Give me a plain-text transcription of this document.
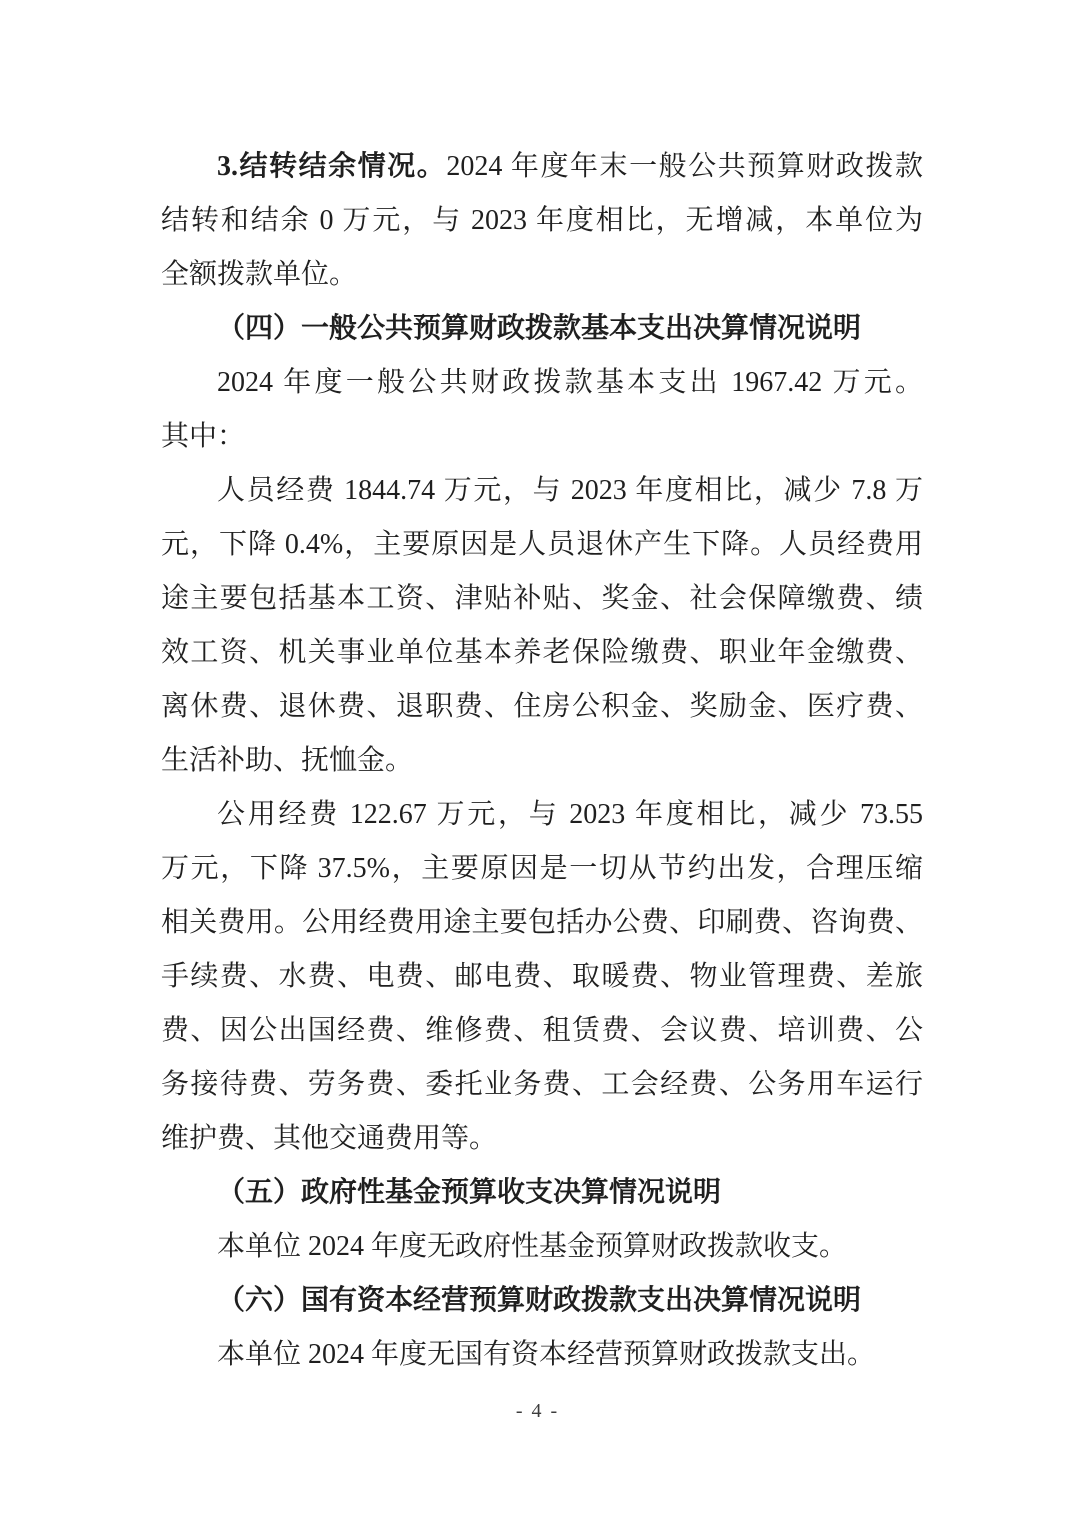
3.结转结余情况。2024 年度年末一般公共预算财政拨款
结转和结余 0 万元，与 2023 年度相比，无增减，本单位为
全额拨款单位。
（四）一般公共预算财政拨款基本支出决算情况说明
2024 年度一般公共财政拨款基本支出 1967.42 万元。
其中：
人员经费 1844.74 万元，与 2023 年度相比，减少 7.8 万
元，下降 0.4%，主要原因是人员退休产生下降。人员经费用
途主要包括基本工资、津贴补贴、奖金、社会保障缴费、绩
效工资、机关事业单位基本养老保险缴费、职业年金缴费、
离休费、退休费、退职费、住房公积金、奖励金、医疗费、
生活补助、抚恤金。
公用经费 122.67 万元，与 2023 年度相比，减少 73.55
万元，下降 37.5%，主要原因是一切从节约出发，合理压缩
相关费用。公用经费用途主要包括办公费、印刷费、咨询费、
手续费、水费、电费、邮电费、取暖费、物业管理费、差旅
费、因公出国经费、维修费、租赁费、会议费、培训费、公
务接待费、劳务费、委托业务费、工会经费、公务用车运行
维护费、其他交通费用等。
（五）政府性基金预算收支决算情况说明
本单位 2024 年度无政府性基金预算财政拨款收支。
（六）国有资本经营预算财政拨款支出决算情况说明
本单位 2024 年度无国有资本经营预算财政拨款支出。
- 4 -
